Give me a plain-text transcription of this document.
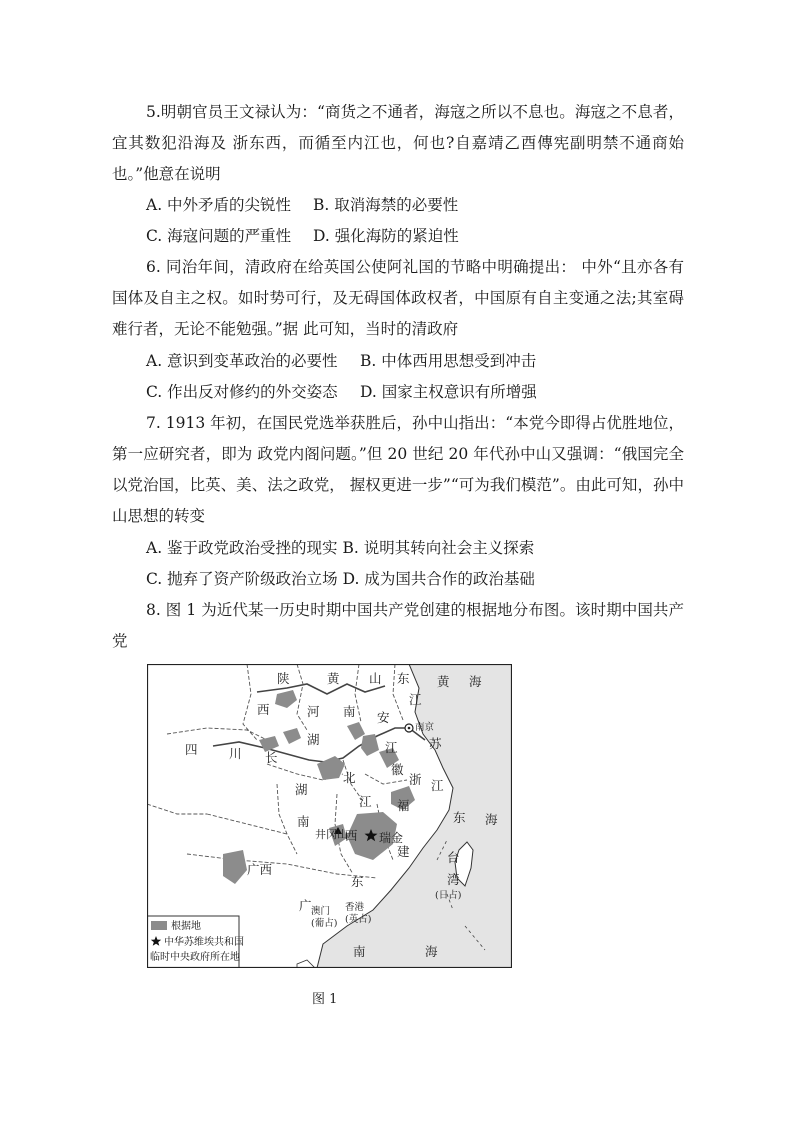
5.明朝官员王文禄认为：“商货之不通者，海寇之所以不息也。海寇之不息者，宜其数犯沿海及 浙东西，而循至内江也，何也?自嘉靖乙酉傳宪副明禁不通商始也。”他意在说明

A. 中外矛盾的尖锐性 B. 取消海禁的必要性
C. 海寇问题的严重性 D. 强化海防的紧迫性

6. 同治年间，清政府在给英国公使阿礼国的节略中明确提出： 中外“且亦各有国体及自主之权。如时势可行，及无碍国体政权者，中国原有自主变通之法;其室碍难行者，无论不能勉强。”据 此可知，当时的清政府

A. 意识到变革政治的必要性 B. 中体西用思想受到冲击
C. 作出反对修约的外交姿态 D. 国家主权意识有所增强

7. 1913 年初，在国民党选举获胜后，孙中山指出：“本党今即得占优胜地位，第一应研究者，即为 政党内阁问题。”但 20 世纪 20 年代孙中山又强调：“俄国完全以党治国，比英、美、法之政党， 握权更进一步”“可为我们模范”。由此可知，孙中山思想的转变

A. 鉴于政党政治受挫的现实 B. 说明其转向社会主义探索
C. 抛弃了资产阶级政治立场 D. 成为国共合作的政治基础

8. 图 1 为近代某一历史时期中国共产党创建的根据地分布图。该时期中国共产党

陕	黄 山 东 黄 海
西	河 南 安
江
南京
苏
四	川 长
湖
北
江
徽
浙 江
湖
南
江
西
福
建
井冈山	瑞金
东 海
台
湾
(日占)
广西
广
东
澳门
(葡占)
香港
(英占)
南	海
根据地
中华苏维埃共和国
临时中央政府所在地
图 1
